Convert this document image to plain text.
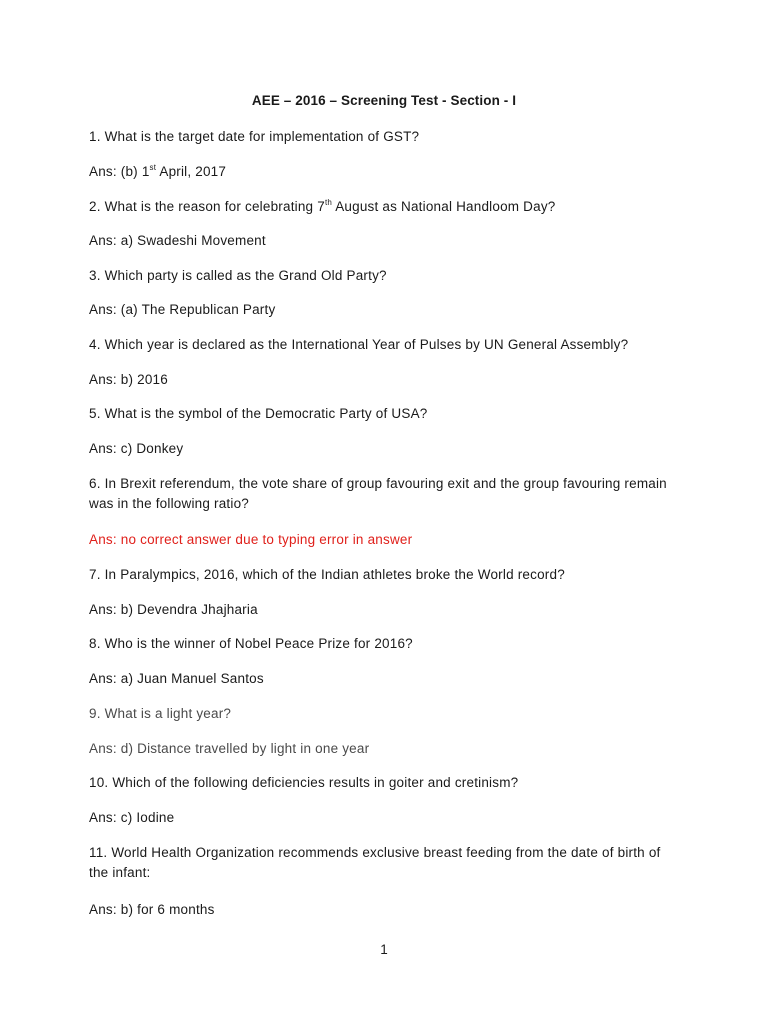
AEE – 2016 – Screening Test - Section - I
1. What is the target date for implementation of GST?
Ans: (b) 1st April, 2017
2. What is the reason for celebrating 7th August as National Handloom Day?
Ans: a) Swadeshi Movement
3. Which party is called as the Grand Old Party?
Ans: (a) The Republican Party
4. Which year is declared as the International Year of Pulses by UN General Assembly?
Ans: b) 2016
5. What is the symbol of the Democratic Party of USA?
Ans: c) Donkey
6. In Brexit referendum, the vote share of group favouring exit and the group favouring remain was in the following ratio?
Ans: no correct answer due to typing error in answer
7. In Paralympics, 2016, which of the Indian athletes broke the World record?
Ans: b) Devendra Jhajharia
8. Who is the winner of Nobel Peace Prize for 2016?
Ans: a) Juan Manuel Santos
9. What is a light year?
Ans: d) Distance travelled by light in one year
10. Which of the following deficiencies results in goiter and cretinism?
Ans: c) Iodine
11. World Health Organization recommends exclusive breast feeding from the date of birth of the infant:
Ans: b) for 6 months
1
